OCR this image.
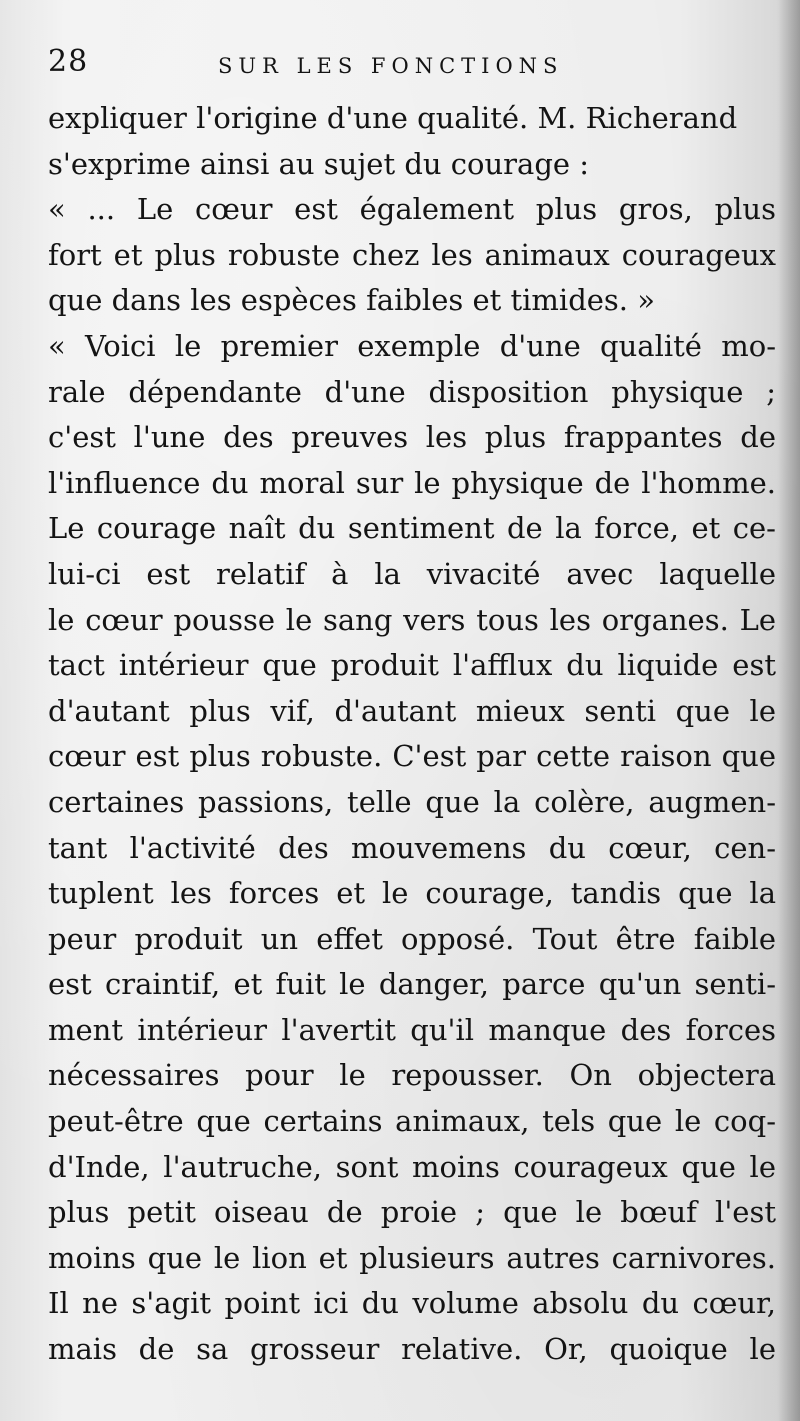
28	SUR LES FONCTIONS
expliquer l'origine d'une qualité. M. Richerand
s'exprime ainsi au sujet du courage :
« ... Le cœur est également plus gros, plus
fort et plus robuste chez les animaux courageux
que dans les espèces faibles et timides. »
« Voici le premier exemple d'une qualité mo-
rale dépendante d'une disposition physique ;
c'est l'une des preuves les plus frappantes de
l'influence du moral sur le physique de l'homme.
Le courage naît du sentiment de la force, et ce-
lui-ci est relatif à la vivacité avec laquelle
le cœur pousse le sang vers tous les organes. Le
tact intérieur que produit l'afflux du liquide est
d'autant plus vif, d'autant mieux senti que le
cœur est plus robuste. C'est par cette raison que
certaines passions, telle que la colère, augmen-
tant l'activité des mouvemens du cœur, cen-
tuplent les forces et le courage, tandis que la
peur produit un effet opposé. Tout être faible
est craintif, et fuit le danger, parce qu'un senti-
ment intérieur l'avertit qu'il manque des forces
nécessaires pour le repousser. On objectera
peut-être que certains animaux, tels que le coq-
d'Inde, l'autruche, sont moins courageux que le
plus petit oiseau de proie ; que le bœuf l'est
moins que le lion et plusieurs autres carnivores.
Il ne s'agit point ici du volume absolu du cœur,
mais de sa grosseur relative. Or, quoique le
